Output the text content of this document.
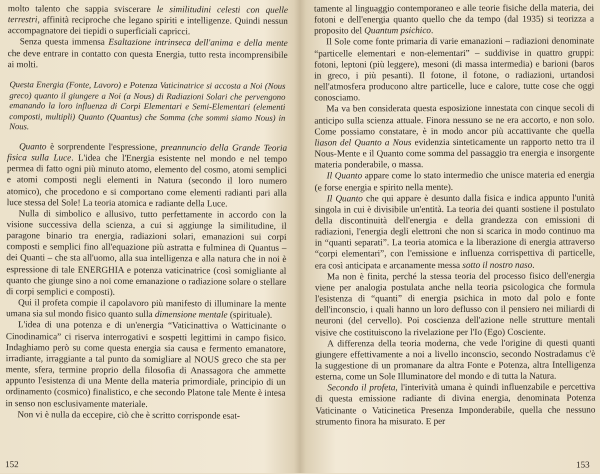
molto talento che sappia sviscerare le similitudini celesti con quelle terrestri, affinità reciproche che legano spiriti e intelligenze. Quindi nessun accompagnatore dei tiepidi o superficiali capricci.

Senza questa immensa Esaltazione intrinseca dell'anima e della mente che deve entrare in contatto con questa Energia, tutto resta incomprensibile ai molti.

Questa Energia (Fonte, Lavoro) e Potenza Vaticinatrice si accosta a Noi (Nous greco) quanto il giungere a Noi (a Nous) di Radiazioni Solari che pervengono emanando la loro influenza di Corpi Elementari e Semi-Elementari (elementi composti, multipli) Quanto (Quantus) che Somma (che sommi siamo Nous) in Nous.

Quanto è sorprendente l'espressione, preannuncio della Grande Teoria fisica sulla Luce. L'idea che l'Energia esistente nel mondo e nel tempo permea di fatto ogni più minuto atomo, elemento del cosmo, atomi semplici e atomi composti negli elementi in Natura (secondo il loro numero atomico), che procedono e si comportano come elementi radianti pari alla luce stessa del Sole! La teoria atomica e radiante della Luce.

Nulla di simbolico e allusivo, tutto perfettamente in accordo con la visione successiva della scienza, a cui si aggiunge la similitudine, il paragone binario tra energia, radiazioni solari, emanazioni sui corpi composti e semplici fino all'equazione più astratta e fulminea di Quantus – dei Quanti – che sta all'uomo, alla sua intelligenza e alla natura che in noi è espressione di tale ENERGHIA e potenza vaticinatrice (così somigliante al quanto che giunge sino a noi come emanazione o radiazione solare o stellare di corpi semplici e composti).

Qui il profeta compie il capolavoro più manifesto di illuminare la mente umana sia sul mondo fisico quanto sulla dimensione mentale (spirituale).

L'idea di una potenza e di un'energia “Vaticinattiva o Watticinante o Cinodinamica” ci riserva interrogativi e sospetti legittimi in campo fisico. Indaghiamo però su come questa energia sia causa e fermento emanatore, irradiante, irraggiante a tal punto da somigliare al NOUS greco che sta per mente, sfera, termine proprio della filosofia di Anassagora che ammette appunto l'esistenza di una Mente della materia primordiale, principio di un ordinamento (cosmico) finalistico, e che secondo Platone tale Mente è intesa in senso non esclusivamente materiale.

Non vi è nulla da eccepire, ciò che è scritto corrisponde esat-

152

tamente al linguaggio contemporaneo e alle teorie fisiche della materia, dei fotoni e dell'energia quanto quello che da tempo (dal 1935) si teorizza a proposito del Quantum psichico.

Il Sole come fonte primaria di varie emanazioni – radiazioni denominate “particelle elementari e non-elementari” – suddivise in quattro gruppi: fotoni, leptoni (più leggere), mesoni (di massa intermedia) e barioni (baros in greco, i più pesanti). Il fotone, il fotone, o radiazioni, urtandosi nell'atmosfera producono altre particelle, luce e calore, tutte cose che oggi conosciamo.

Ma va ben considerata questa esposizione innestata con cinque secoli di anticipo sulla scienza attuale. Finora nessuno se ne era accorto, e non solo. Come possiamo constatare, è in modo ancor più accattivante che quella liason del Quanto a Nous evidenzia sinteticamente un rapporto netto tra il Nous-Mente e il Quanto come somma del passaggio tra energia e insorgente materia ponderabile, o massa.

Il Quanto appare come lo stato intermedio che unisce materia ed energia (e forse energia e spirito nella mente).

Il Quanto che qui appare è desunto dalla fisica e indica appunto l'unità singola in cui è divisibile un'entità. La teoria dei quanti sostiene il postulato della discontinuità dell'energia e della grandezza con emissioni di radiazioni, l'energia degli elettroni che non si scarica in modo continuo ma in “quanti separati”. La teoria atomica e la liberazione di energia attraverso “corpi elementari”, con l'emissione e influenza corrispettiva di particelle, era così anticipata e arcanamente messa sotto il nostro naso.

Ma non è finita, perché la stessa teoria del processo fisico dell'energia viene per analogia postulata anche nella teoria psicologica che formula l'esistenza di “quanti” di energia psichica in moto dal polo e fonte dell'inconscio, i quali hanno un loro deflusso con il pensiero nei miliardi di neuroni (del cervello). Poi coscienza dell'azione nelle strutture mentali visive che costituiscono la rivelazione per l'Io (Ego) Cosciente.

A differenza della teoria moderna, che vede l'origine di questi quanti giungere effettivamente a noi a livello inconscio, secondo Nostradamus c'è la suggestione di un promanare da altra Fonte e Potenza, altra Intelligenza esterna, come un Sole Illuminatore del mondo e di tutta la Natura.

Secondo il profeta, l'interività umana è quindi influenzabile e percettiva di questa emissione radiante di divina energia, denominata Potenza Vaticinante o Vaticinetica Presenza Imponderabile, quella che nessuno strumento finora ha misurato. E per

153
